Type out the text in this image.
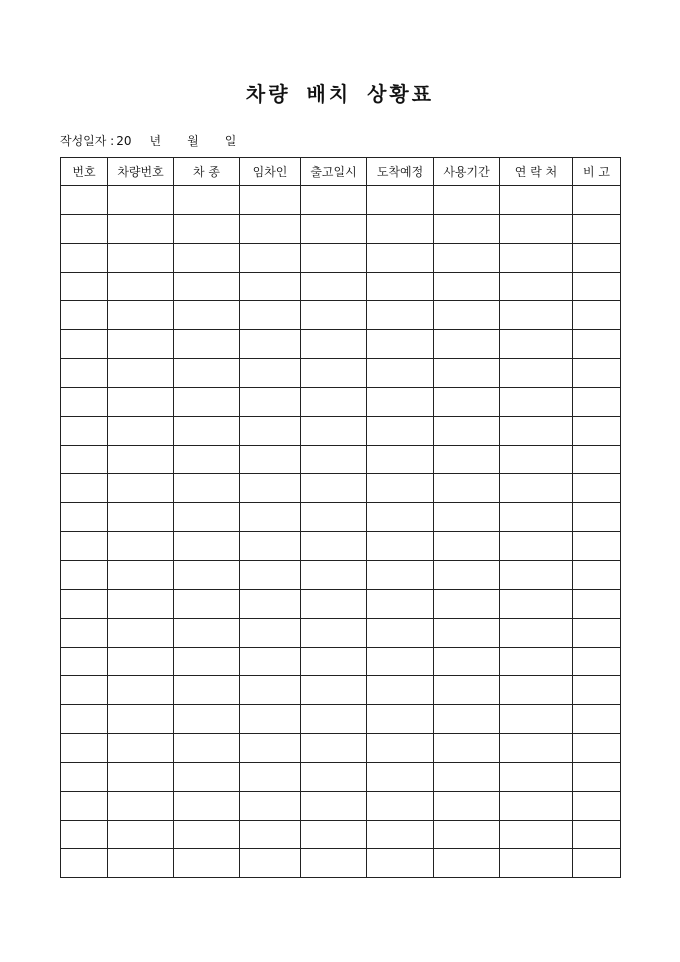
차량 배치 상황표
작성일자 : 20 년 월 일
번호	차량번호	차 종	임차인	출고일시	도착예정	사용기간	연 락 처	비 고
